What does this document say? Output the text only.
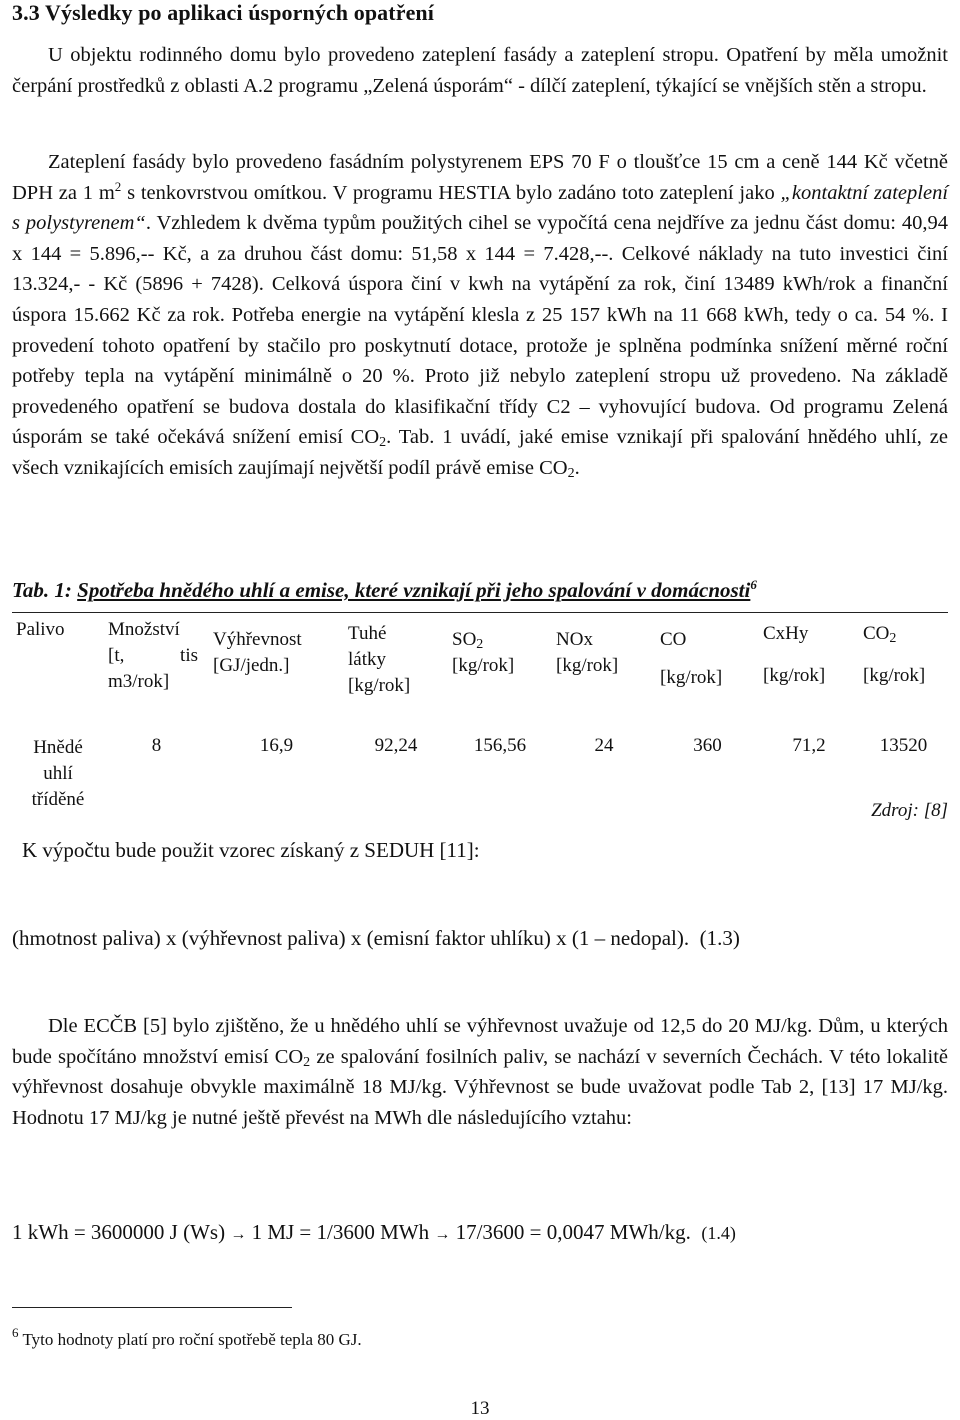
3.3 Výsledky po aplikaci úsporných opatření

U objektu rodinného domu bylo provedeno zateplení fasády a zateplení stropu. Opatření by měla umožnit čerpání prostředků z oblasti A.2 programu „Zelená úsporám“ - dílčí zateplení, týkající se vnějších stěn a stropu.

Zateplení fasády bylo provedeno fasádním polystyrenem EPS 70 F o tloušťce 15 cm a ceně 144 Kč včetně DPH za 1 $m^2$ s tenkovrstvou omítkou. V programu HESTIA bylo zadáno toto zateplení jako „kontaktní zateplení s polystyrenem“. Vzhledem k dvěma typům použitých cihel se vypočítá cena nejdříve za jednu část domu: 40,94 x 144 = 5.896,-- Kč, a za druhou část domu: 51,58 x 144 = 7.428,--. Celkové náklady na tuto investici činí 13.324,- - Kč (5896 + 7428). Celková úspora činí v kwh na vytápění za rok, činí 13489 kWh/rok a finanční úspora 15.662 Kč za rok. Potřeba energie na vytápění klesla z 25 157 kWh na 11 668 kWh, tedy o ca. 54 %. I provedení tohoto opatření by stačilo pro poskytnutí dotace, protože je splněna podmínka snížení měrné roční potřeby tepla na vytápění minimálně o 20 %. Proto již nebylo zateplení stropu už provedeno. Na základě provedeného opatření se budova dostala do klasifikační třídy C2 – vyhovující budova. Od programu Zelená úsporám se také očekává snížení emisí $CO_2$. Tab. 1 uvádí, jaké emise vznikají při spalování hnědého uhlí, ze všech vznikajících emisích zaujímají největší podíl právě emise $CO_2$.

Tab. 1: Spotřeba hnědého uhlí a emise, které vznikají při jeho spalování v domácnosti$^6$

Palivo	Množství
[t, tis
m3/rok]	Výhřevnost
[GJ/jedn.]	Tuhé
látky
[kg/rok]	$SO_2$
[kg/rok]	NOx
[kg/rok]	CO

[kg/rok]	CxHy

[kg/rok]	$CO_2$

[kg/rok]
Hnědé
uhlí
tříděné	8	16,9	92,24	156,56	24	360	71,2	13520
Zdroj: [8]

K výpočtu bude použit vzorec získaný z SEDUH [11]:

(hmotnost paliva) x (výhřevnost paliva) x (emisní faktor uhlíku) x (1 – nedopal). (1.3)

Dle ECČB [5] bylo zjištěno, že u hnědého uhlí se výhřevnost uvažuje od 12,5 do 20 MJ/kg. Dům, u kterých bude spočítáno množství emisí $CO_2$ ze spalování fosilních paliv, se nachází v severních Čechách. V této lokalitě výhřevnost dosahuje obvykle maximálně 18 MJ/kg. Výhřevnost se bude uvažovat podle Tab 2, [13] 17 MJ/kg. Hodnotu 17 MJ/kg je nutné ještě převést na MWh dle následujícího vztahu:

1 kWh = 3600000 J (Ws) → 1 MJ = 1/3600 MWh → 17/3600 = 0,0047 MWh/kg. (1.4)

$^6$ Tyto hodnoty platí pro roční spotřebě tepla 80 GJ.
13
